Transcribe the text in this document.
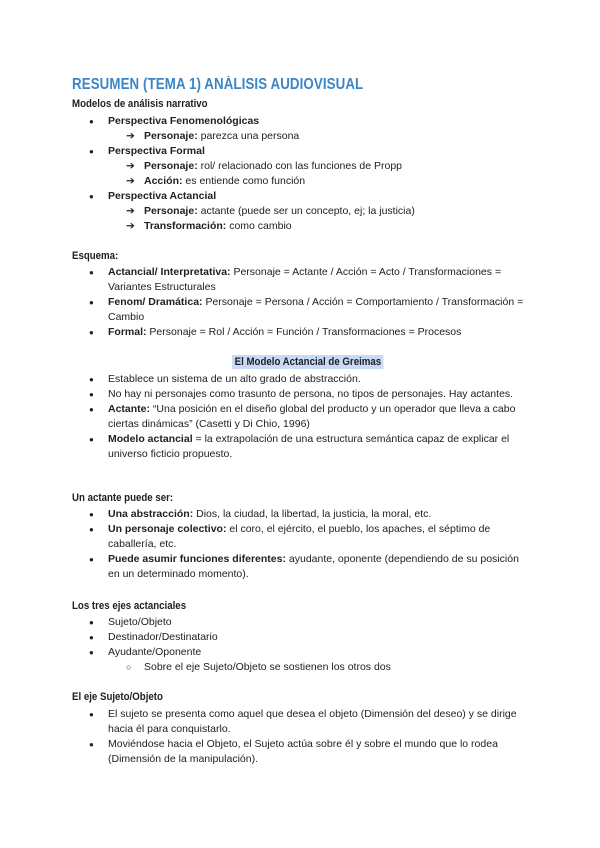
RESUMEN (TEMA 1) ANÁLISIS AUDIOVISUAL
Modelos de análisis narrativo
● Perspectiva Fenomenológicas
➔ Personaje: parezca una persona
● Perspectiva Formal
➔ Personaje: rol/ relacionado con las funciones de Propp
➔ Acción: es entiende como función
● Perspectiva Actancial
➔ Personaje: actante (puede ser un concepto, ej; la justicia)
➔ Transformación: como cambio
Esquema:
● Actancial/ Interpretativa: Personaje = Actante / Acción = Acto / Transformaciones = Variantes Estructurales
● Fenom/ Dramática: Personaje = Persona / Acción = Comportamiento / Transformación = Cambio
● Formal: Personaje = Rol / Acción = Función / Transformaciones = Procesos
El Modelo Actancial de Greimas
● Establece un sistema de un alto grado de abstracción.
● No hay ni personajes como trasunto de persona, no tipos de personajes. Hay actantes.
● Actante: “Una posición en el diseño global del producto y un operador que lleva a cabo ciertas dinámicas” (Casetti y Di Chio, 1996)
● Modelo actancial = la extrapolación de una estructura semántica capaz de explicar el universo ficticio propuesto.
Un actante puede ser:
● Una abstracción: Dios, la ciudad, la libertad, la justicia, la moral, etc.
● Un personaje colectivo: el coro, el ejército, el pueblo, los apaches, el séptimo de caballería, etc.
● Puede asumir funciones diferentes: ayudante, oponente (dependiendo de su posición en un determinado momento).
Los tres ejes actanciales
● Sujeto/Objeto
● Destinador/Destinatario
● Ayudante/Oponente
○ Sobre el eje Sujeto/Objeto se sostienen los otros dos
El eje Sujeto/Objeto
● El sujeto se presenta como aquel que desea el objeto (Dimensión del deseo) y se dirige hacia él para conquistarlo.
● Moviéndose hacia el Objeto, el Sujeto actúa sobre él y sobre el mundo que lo rodea (Dimensión de la manipulación).
